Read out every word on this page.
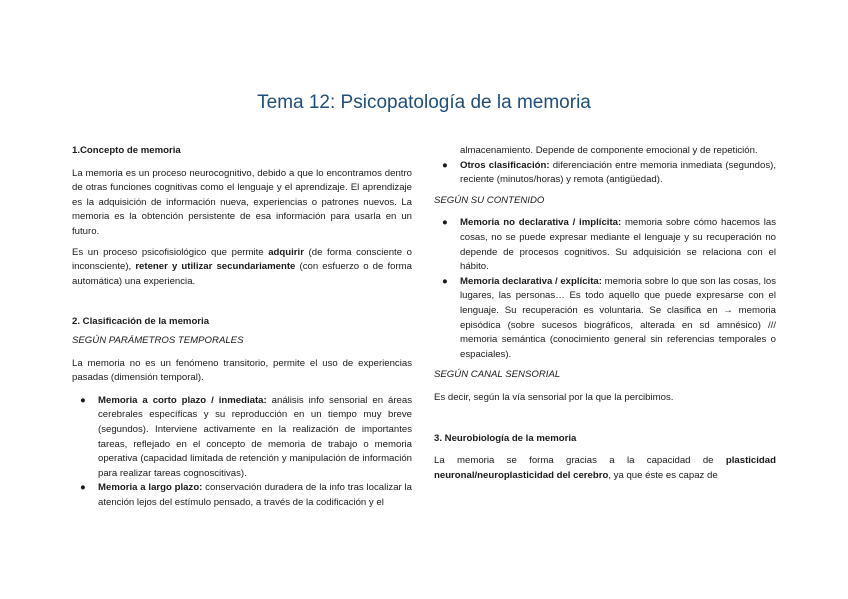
Tema 12: Psicopatología de la memoria

1.Concepto de memoria

La memoria es un proceso neurocognitivo, debido a que lo encontramos dentro de otras funciones cognitivas como el lenguaje y el aprendizaje. El aprendizaje es la adquisición de información nueva, experiencias o patrones nuevos. La memoria es la obtención persistente de esa información para usarla en un futuro.

Es un proceso psicofisiológico que permite adquirir (de forma consciente o inconsciente), retener y utilizar secundariamente (con esfuerzo o de forma automática) una experiencia.

2. Clasificación de la memoria

SEGÚN PARÁMETROS TEMPORALES

La memoria no es un fenómeno transitorio, permite el uso de experiencias pasadas (dimensión temporal).

● Memoria a corto plazo / inmediata: análisis info sensorial en áreas cerebrales específicas y su reproducción en un tiempo muy breve (segundos). Interviene activamente en la realización de importantes tareas, reflejado en el concepto de memoria de trabajo o memoria operativa (capacidad limitada de retención y manipulación de información para realizar tareas cognoscitivas).
● Memoria a largo plazo: conservación duradera de la info tras localizar la atención lejos del estímulo pensado, a través de la codificación y el
almacenamiento. Depende de componente emocional y de repetición.
● Otros clasificación: diferenciación entre memoria inmediata (segundos), reciente (minutos/horas) y remota (antigüedad).

SEGÚN SU CONTENIDO

● Memoria no declarativa / implícita: memoria sobre cómo hacemos las cosas, no se puede expresar mediante el lenguaje y su recuperación no depende de procesos cognitivos. Su adquisición se relaciona con el hábito.
● Memoria declarativa / explícita: memoria sobre lo que son las cosas, los lugares, las personas… Es todo aquello que puede expresarse con el lenguaje. Su recuperación es voluntaria. Se clasifica en → memoria episódica (sobre sucesos biográficos, alterada en sd amnésico) /// memoria semántica (conocimiento general sin referencias temporales o espaciales).

SEGÚN CANAL SENSORIAL

Es decir, según la vía sensorial por la que la percibimos.

3. Neurobiología de la memoria

La memoria se forma gracias a la capacidad de plasticidad neuronal/neuroplasticidad del cerebro, ya que éste es capaz de
